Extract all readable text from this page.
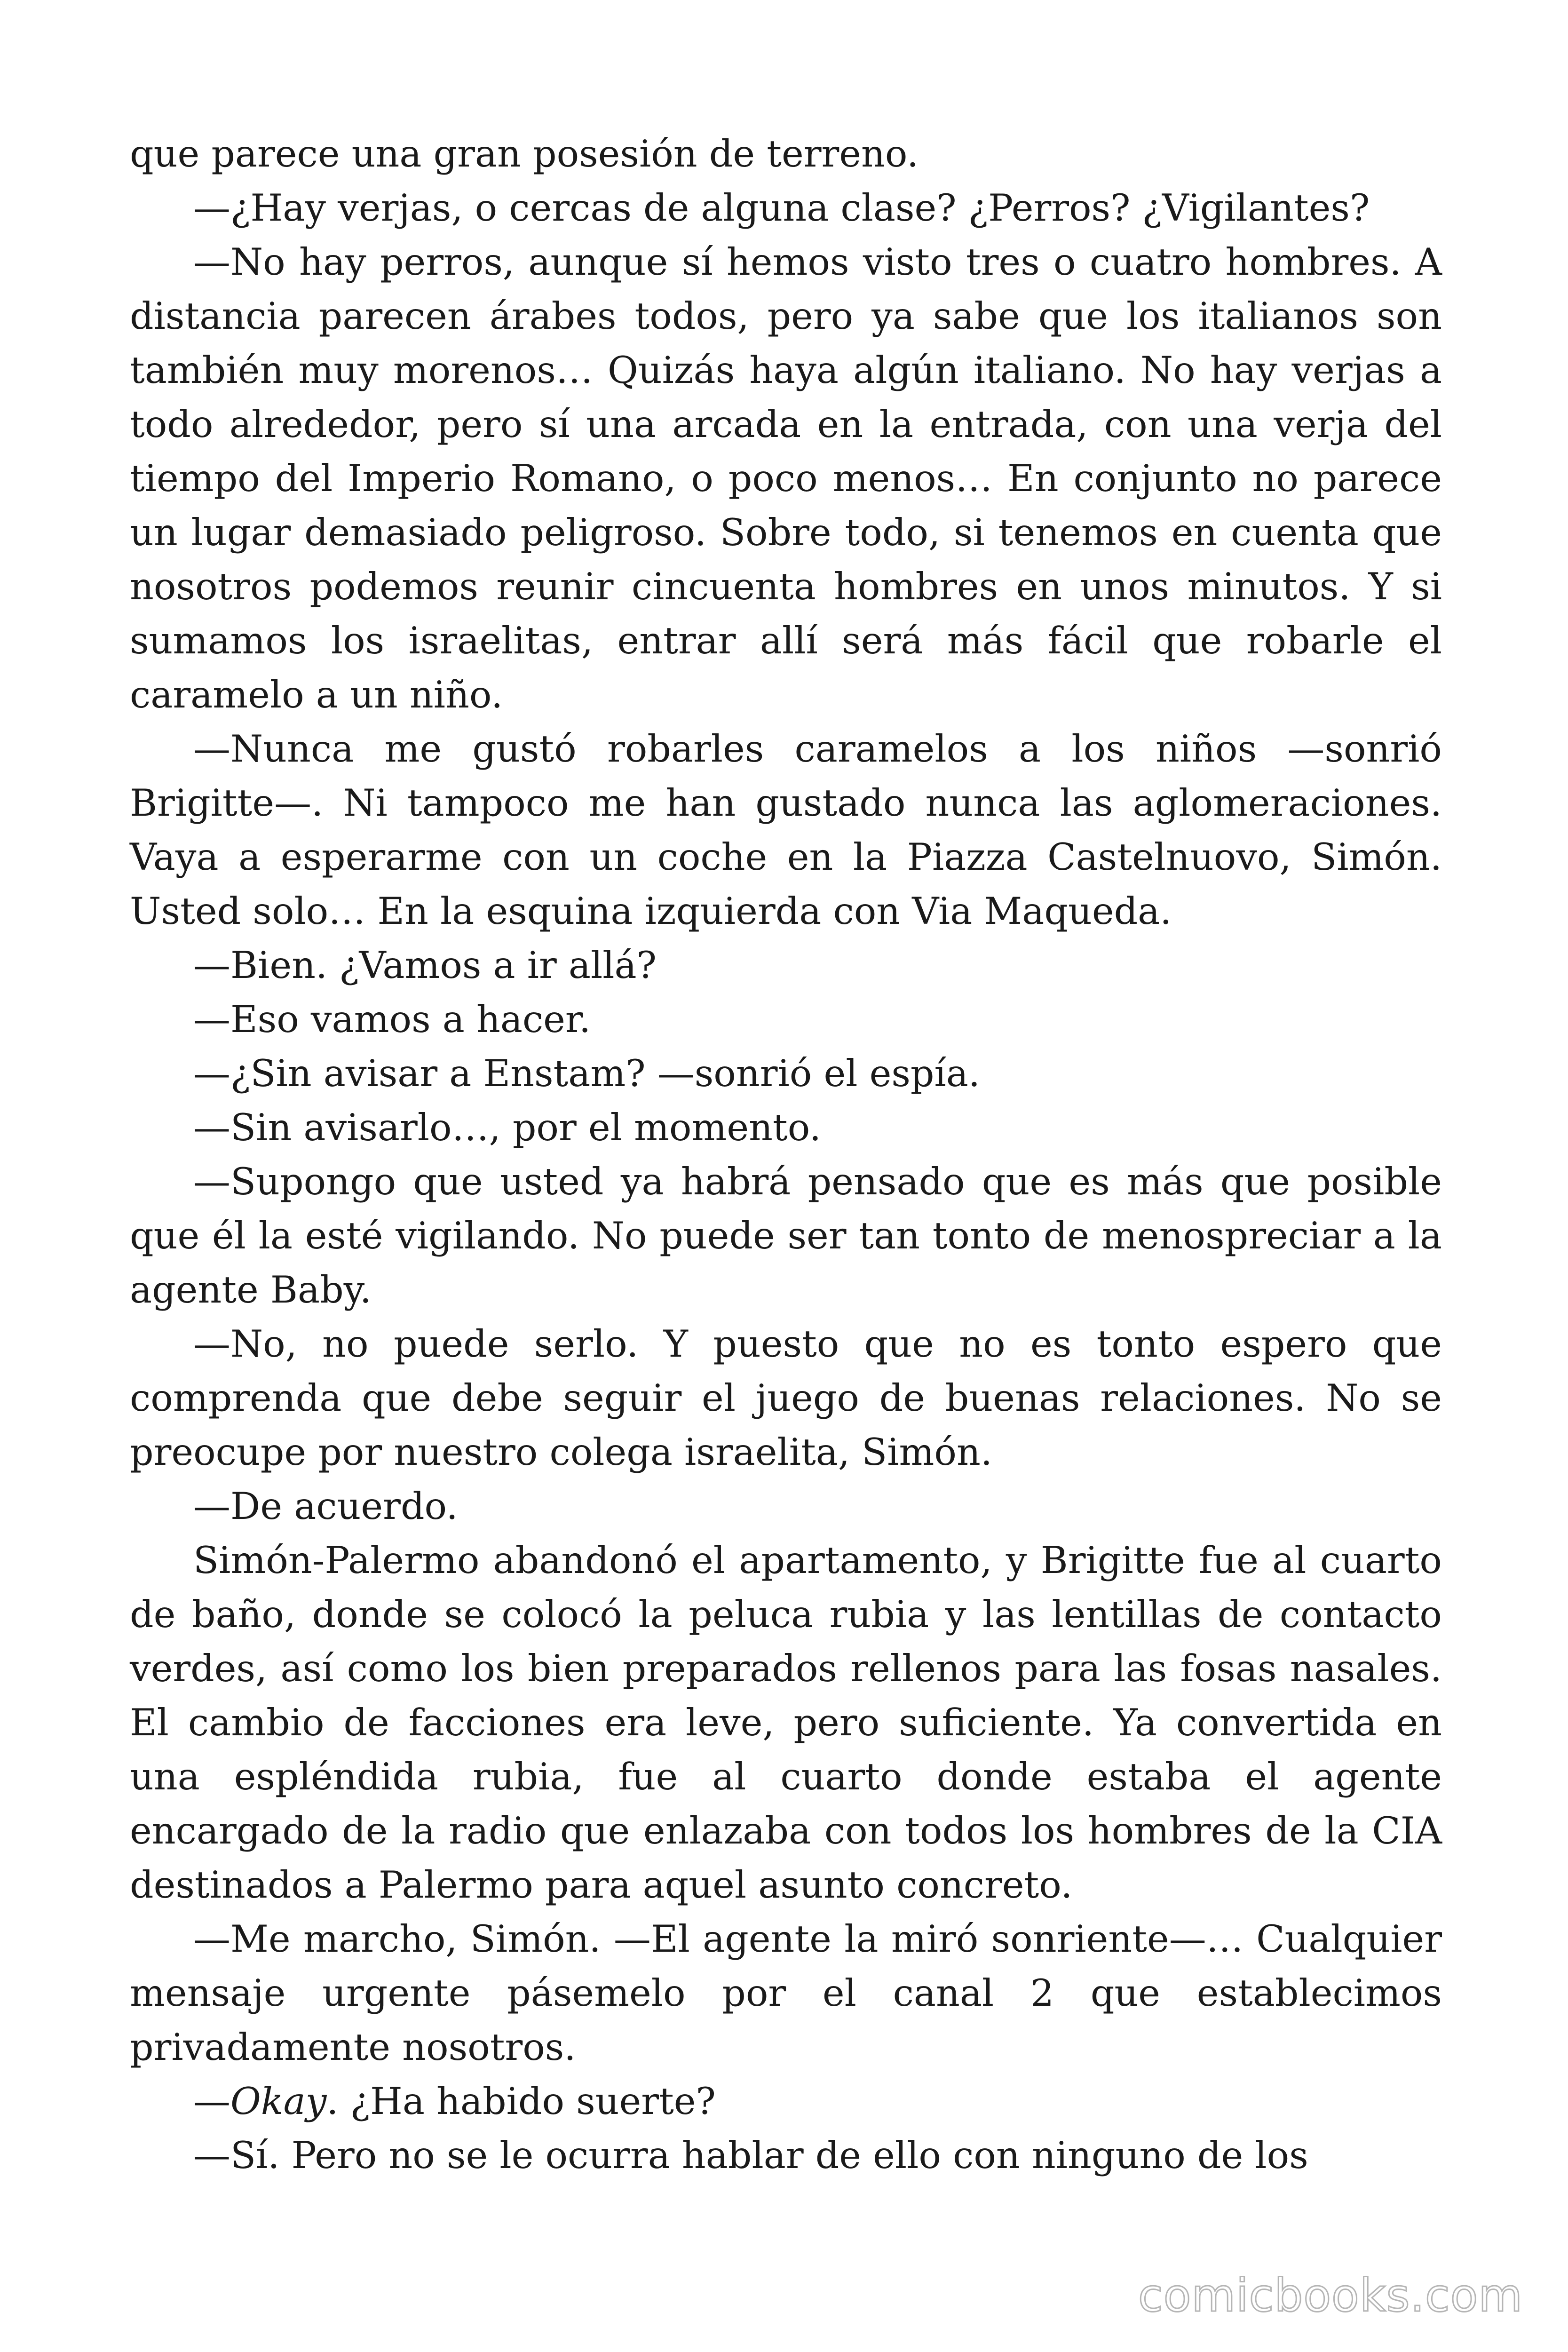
que parece una gran posesión de terreno.

—¿Hay verjas, o cercas de alguna clase? ¿Perros? ¿Vigilantes?

—No hay perros, aunque sí hemos visto tres o cuatro hombres. A distancia parecen árabes todos, pero ya sabe que los italianos son también muy morenos… Quizás haya algún italiano. No hay verjas a todo alrededor, pero sí una arcada en la entrada, con una verja del tiempo del Imperio Romano, o poco menos… En conjunto no parece un lugar demasiado peligroso. Sobre todo, si tenemos en cuenta que nosotros podemos reunir cincuenta hombres en unos minutos. Y si sumamos los israelitas, entrar allí será más fácil que robarle el caramelo a un niño.

—Nunca me gustó robarles caramelos a los niños —sonrió Brigitte—. Ni tampoco me han gustado nunca las aglomeraciones. Vaya a esperarme con un coche en la Piazza Castelnuovo, Simón. Usted solo… En la esquina izquierda con Via Maqueda.

—Bien. ¿Vamos a ir allá?

—Eso vamos a hacer.

—¿Sin avisar a Enstam? —sonrió el espía.

—Sin avisarlo…, por el momento.

—Supongo que usted ya habrá pensado que es más que posible que él la esté vigilando. No puede ser tan tonto de menospreciar a la agente Baby.

—No, no puede serlo. Y puesto que no es tonto espero que comprenda que debe seguir el juego de buenas relaciones. No se preocupe por nuestro colega israelita, Simón.

—De acuerdo.

Simón-Palermo abandonó el apartamento, y Brigitte fue al cuarto de baño, donde se colocó la peluca rubia y las lentillas de contacto verdes, así como los bien preparados rellenos para las fosas nasales. El cambio de facciones era leve, pero suficiente. Ya convertida en una espléndida rubia, fue al cuarto donde estaba el agente encargado de la radio que enlazaba con todos los hombres de la CIA destinados a Palermo para aquel asunto concreto.

—Me marcho, Simón. —El agente la miró sonriente—… Cualquier mensaje urgente pásemelo por el canal 2 que establecimos privadamente nosotros.

—Okay. ¿Ha habido suerte?

—Sí. Pero no se le ocurra hablar de ello con ninguno de los

comicbooks.com
